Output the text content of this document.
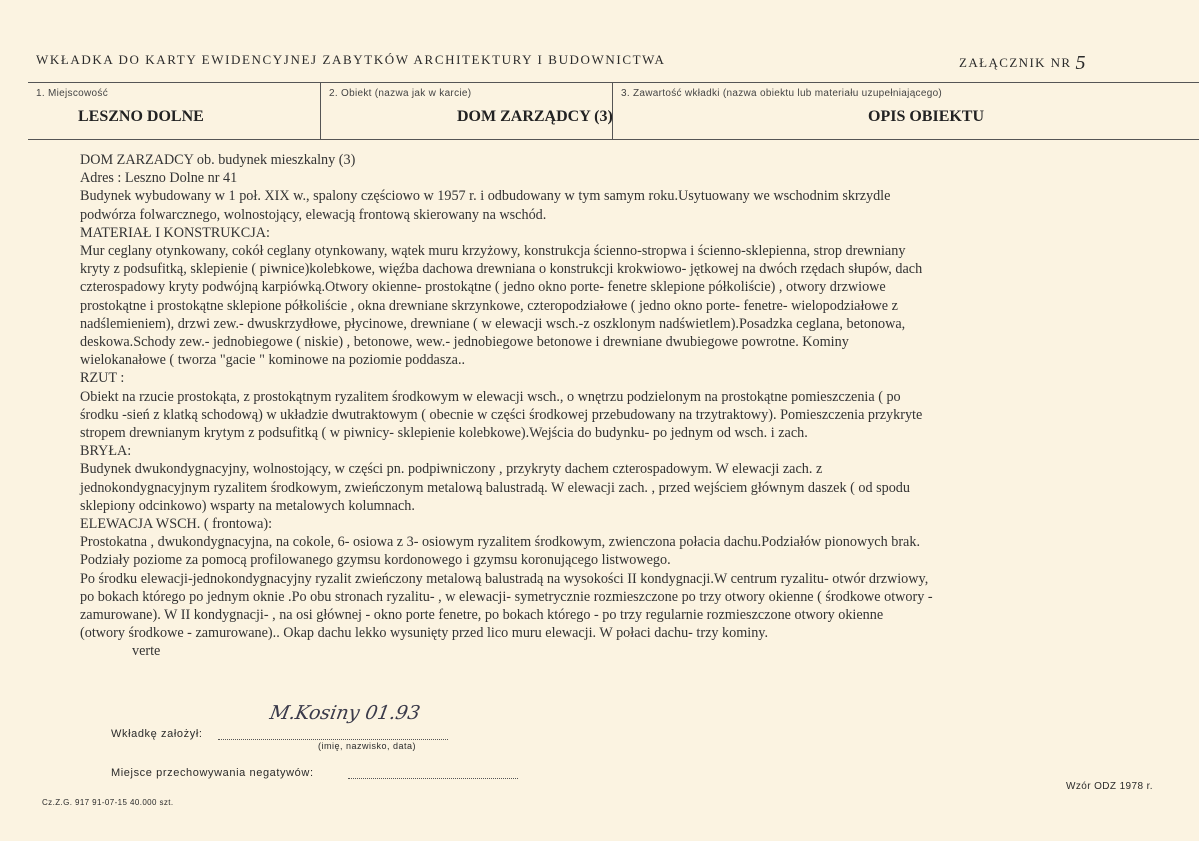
WKŁADKA DO KARTY EWIDENCYJNEJ ZABYTKÓW ARCHITEKTURY I BUDOWNICTWA	ZAŁĄCZNIK NR 5
1. Miejscowość
LESZNO DOLNE
2. Obiekt (nazwa jak w karcie)
DOM ZARZĄDCY (3)
3. Zawartość wkładki (nazwa obiektu lub materiału uzupełniającego)
OPIS OBIEKTU
DOM ZARZADCY ob. budynek mieszkalny (3)
Adres : Leszno Dolne nr 41
Budynek wybudowany w 1 poł. XIX w., spalony częściowo w 1957 r. i odbudowany w tym samym roku.Usytuowany we wschodnim skrzydle
podwórza folwarcznego, wolnostojący, elewacją frontową skierowany na wschód.
MATERIAŁ I KONSTRUKCJA:
Mur ceglany otynkowany, cokół ceglany otynkowany, wątek muru krzyżowy, konstrukcja ścienno-stropwa i ścienno-sklepienna, strop drewniany
kryty z podsufitką, sklepienie ( piwnice)kolebkowe, więźba dachowa drewniana o konstrukcji krokwiowo- jętkowej na dwóch rzędach słupów, dach
czterospadowy kryty podwójną karpiówką.Otwory okienne- prostokątne ( jedno okno porte- fenetre sklepione półkoliście) , otwory drzwiowe
prostokątne i prostokątne sklepione półkoliście , okna drewniane skrzynkowe, czteropodziałowe ( jedno okno porte- fenetre- wielopodziałowe z
nadślemieniem), drzwi zew.- dwuskrzydłowe, płycinowe, drewniane ( w elewacji wsch.-z oszklonym nadświetlem).Posadzka ceglana, betonowa,
deskowa.Schody zew.- jednobiegowe ( niskie) , betonowe, wew.- jednobiegowe betonowe i drewniane dwubiegowe powrotne. Kominy
wielokanałowe ( tworza "gacie " kominowe na poziomie poddasza..
RZUT :
Obiekt na rzucie prostokąta, z prostokątnym ryzalitem środkowym w elewacji wsch., o wnętrzu podzielonym na prostokątne pomieszczenia ( po
środku -sień z klatką schodową) w układzie dwutraktowym ( obecnie w części środkowej przebudowany na trzytraktowy). Pomieszczenia przykryte
stropem drewnianym krytym z podsufitką ( w piwnicy- sklepienie kolebkowe).Wejścia do budynku- po jednym od wsch. i zach.
BRYŁA:
Budynek dwukondygnacyjny, wolnostojący, w części pn. podpiwniczony , przykryty dachem czterospadowym. W elewacji zach. z
jednokondygnacyjnym ryzalitem środkowym, zwieńczonym metalową balustradą. W elewacji zach. , przed wejściem głównym daszek ( od spodu
sklepiony odcinkowo) wsparty na metalowych kolumnach.
ELEWACJA WSCH. ( frontowa):
Prostokatna , dwukondygnacyjna, na cokole, 6- osiowa z 3- osiowym ryzalitem środkowym, zwienczona połacia dachu.Podziałów pionowych brak.
Podziały poziome za pomocą profilowanego gzymsu kordonowego i gzymsu koronującego listwowego.
Po środku elewacji-jednokondygnacyjny ryzalit zwieńczony metalową balustradą na wysokości II kondygnacji.W centrum ryzalitu- otwór drzwiowy,
po bokach którego po jednym oknie .Po obu stronach ryzalitu- , w elewacji- symetrycznie rozmieszczone po trzy otwory okienne ( środkowe otwory -
zamurowane). W II kondygnacji- , na osi głównej - okno porte fenetre, po bokach którego - po trzy regularnie rozmieszczone otwory okienne
(otwory środkowe - zamurowane).. Okap dachu lekko wysunięty przed lico muru elewacji. W połaci dachu- trzy kominy.
verte
Wkładkę założył:
M.Kosiny 01.93
(imię, nazwisko, data)
Miejsce przechowywania negatywów:
Wzór ODZ 1978 r.
Cz.Z.G. 917 91-07-15 40.000 szt.
